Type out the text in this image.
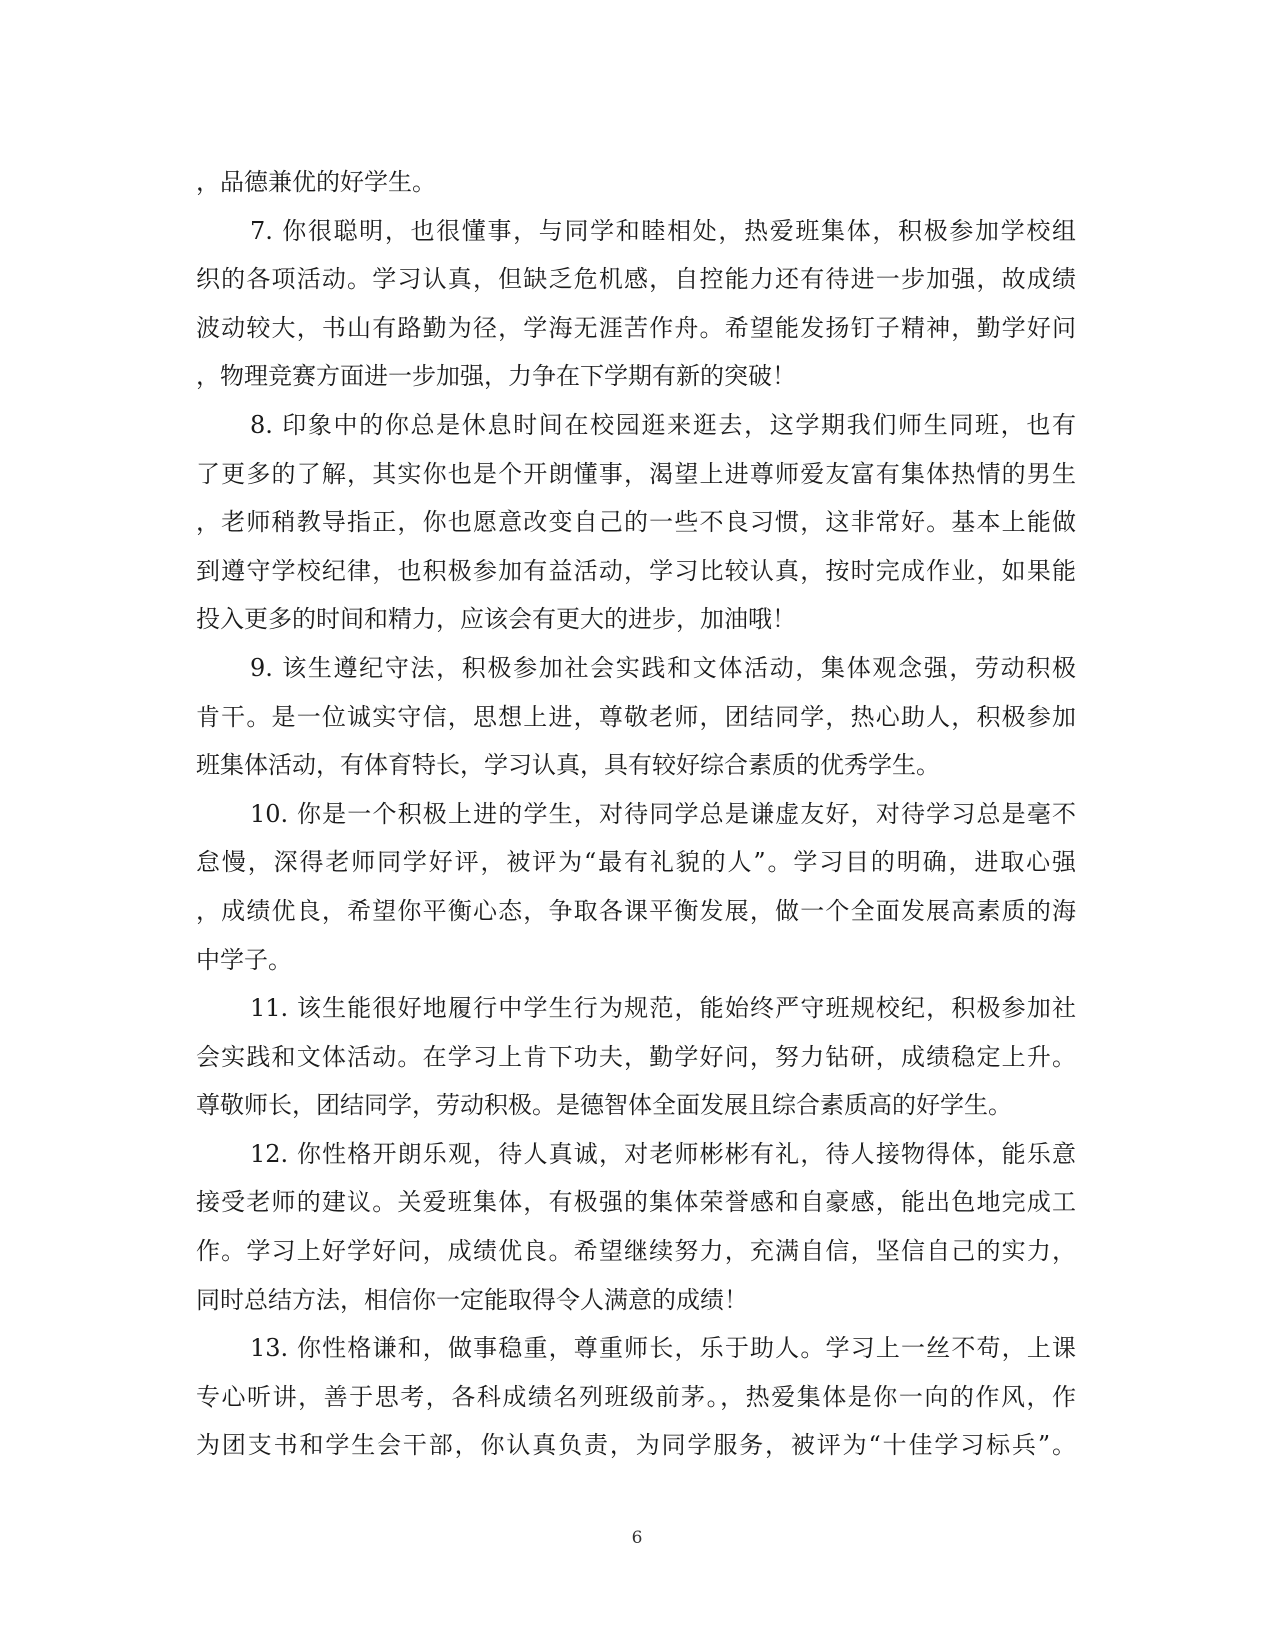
，品德兼优的好学生。
7. 你很聪明，也很懂事，与同学和睦相处，热爱班集体，积极参加学校组
织的各项活动。学习认真，但缺乏危机感，自控能力还有待进一步加强，故成绩
波动较大，书山有路勤为径，学海无涯苦作舟。希望能发扬钉子精神，勤学好问
，物理竞赛方面进一步加强，力争在下学期有新的突破！
8. 印象中的你总是休息时间在校园逛来逛去，这学期我们师生同班，也有
了更多的了解，其实你也是个开朗懂事，渴望上进尊师爱友富有集体热情的男生
，老师稍教导指正，你也愿意改变自己的一些不良习惯，这非常好。基本上能做
到遵守学校纪律，也积极参加有益活动，学习比较认真，按时完成作业，如果能
投入更多的时间和精力，应该会有更大的进步，加油哦！
9. 该生遵纪守法，积极参加社会实践和文体活动，集体观念强，劳动积极
肯干。是一位诚实守信，思想上进，尊敬老师，团结同学，热心助人，积极参加
班集体活动，有体育特长，学习认真，具有较好综合素质的优秀学生。
10. 你是一个积极上进的学生，对待同学总是谦虚友好，对待学习总是毫不
怠慢，深得老师同学好评，被评为“最有礼貌的人”。学习目的明确，进取心强
，成绩优良，希望你平衡心态，争取各课平衡发展，做一个全面发展高素质的海
中学子。
11. 该生能很好地履行中学生行为规范，能始终严守班规校纪，积极参加社
会实践和文体活动。在学习上肯下功夫，勤学好问，努力钻研，成绩稳定上升。
尊敬师长，团结同学，劳动积极。是德智体全面发展且综合素质高的好学生。
12. 你性格开朗乐观，待人真诚，对老师彬彬有礼，待人接物得体，能乐意
接受老师的建议。关爱班集体，有极强的集体荣誉感和自豪感，能出色地完成工
作。学习上好学好问，成绩优良。希望继续努力，充满自信，坚信自己的实力，
同时总结方法，相信你一定能取得令人满意的成绩！
13. 你性格谦和，做事稳重，尊重师长，乐于助人。学习上一丝不苟，上课
专心听讲，善于思考，各科成绩名列班级前茅。，热爱集体是你一向的作风，作
为团支书和学生会干部，你认真负责，为同学服务，被评为“十佳学习标兵”。
6
